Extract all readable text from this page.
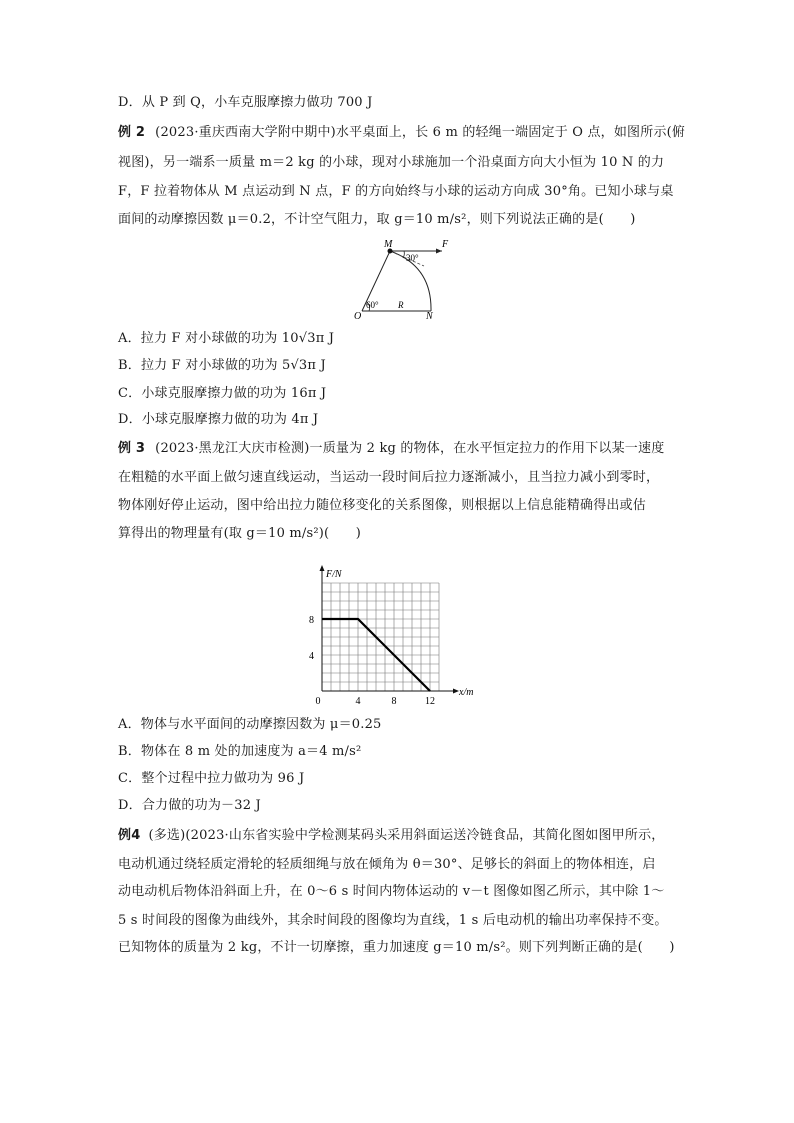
D．从 P 到 Q，小车克服摩擦力做功 700 J
例 2 (2023·重庆西南大学附中期中)水平桌面上，长 6 m 的轻绳一端固定于 O 点，如图所示(俯
视图)，另一端系一质量 m＝2 kg 的小球，现对小球施加一个沿桌面方向大小恒为 10 N 的力
F，F 拉着物体从 M 点运动到 N 点，F 的方向始终与小球的运动方向成 30°角。已知小球与桌
面间的动摩擦因数 μ＝0.2，不计空气阻力，取 g＝10 m/s²，则下列说法正确的是(　　)
M	F
30°
O
60° R
N
A．拉力 F 对小球做的功为 10√3π J
B．拉力 F 对小球做的功为 5√3π J
C．小球克服摩擦力做的功为 16π J
D．小球克服摩擦力做的功为 4π J
例 3 (2023·黑龙江大庆市检测)一质量为 2 kg 的物体，在水平恒定拉力的作用下以某一速度
在粗糙的水平面上做匀速直线运动，当运动一段时间后拉力逐渐减小，且当拉力减小到零时，
物体刚好停止运动，图中给出拉力随位移变化的关系图像，则根据以上信息能精确得出或估
算得出的物理量有(取 g＝10 m/s²)(　　)
x/m
F/N
0	4	8	12
4
8
A．物体与水平面间的动摩擦因数为 μ＝0.25
B．物体在 8 m 处的加速度为 a＝4 m/s²
C．整个过程中拉力做功为 96 J
D．合力做的功为－32 J
例4 (多选)(2023·山东省实验中学检测某码头采用斜面运送冷链食品，其简化图如图甲所示，
电动机通过绕轻质定滑轮的轻质细绳与放在倾角为 θ＝30°、足够长的斜面上的物体相连，启
动电动机后物体沿斜面上升，在 0～6 s 时间内物体运动的 v－t 图像如图乙所示，其中除 1～
5 s 时间段的图像为曲线外，其余时间段的图像均为直线，1 s 后电动机的输出功率保持不变。
已知物体的质量为 2 kg，不计一切摩擦，重力加速度 g＝10 m/s²。则下列判断正确的是(　　)
